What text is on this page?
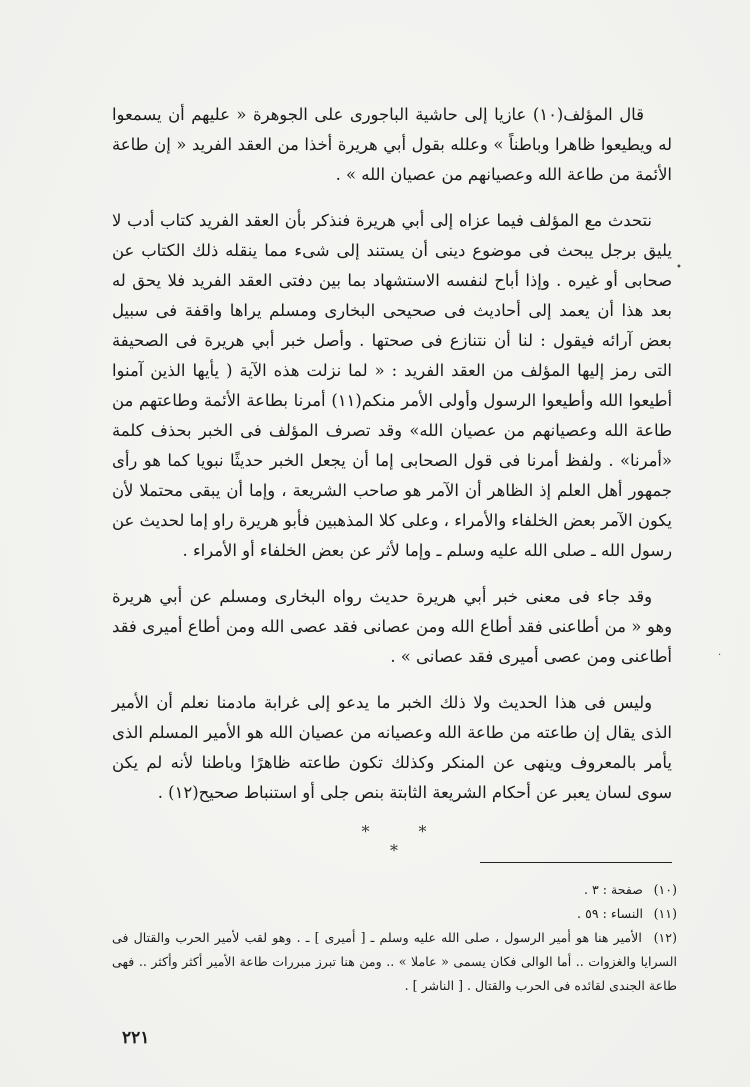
قال المؤلف(١٠) عازيا إلى حاشية الباجورى على الجوهرة « عليهم أن يسمعوا له ويطيعوا ظاهرا وباطناً » وعلله بقول أبي هريرة أخذا من العقد الفريد « إن طاعة الأئمة من طاعة الله وعصيانهم من عصيان الله » .

نتحدث مع المؤلف فيما عزاه إلى أبي هريرة فنذكر بأن العقد الفريد كتاب أدب لا يليق برجل يبحث فى موضوع دينى أن يستند إلى شىء مما ينقله ذلك الكتاب عن صحابى أو غيره . وإذا أباح لنفسه الاستشهاد بما بين دفتى العقد الفريد فلا يحق له بعد هذا أن يعمد إلى أحاديث فى صحيحى البخارى ومسلم يراها واقفة فى سبيل بعض آرائه فيقول : لنا أن نتنازع فى صحتها . وأصل خبر أبي هريرة فى الصحيفة التى رمز إليها المؤلف من العقد الفريد : « لما نزلت هذه الآية ( يأيها الذين آمنوا أطيعوا الله وأطيعوا الرسول وأولى الأمر منكم(١١) أمرنا بطاعة الأئمة وطاعتهم من طاعة الله وعصيانهم من عصيان الله» وقد تصرف المؤلف فى الخبر بحذف كلمة «أمرنا» . ولفظ أمرنا فى قول الصحابى إما أن يجعل الخبر حديثًا نبويا كما هو رأى جمهور أهل العلم إذ الظاهر أن الآمر هو صاحب الشريعة ، وإما أن يبقى محتملا لأن يكون الآمر بعض الخلفاء والأمراء ، وعلى كلا المذهبين فأبو هريرة راو إما لحديث عن رسول الله ـ صلى الله عليه وسلم ـ وإما لأثر عن بعض الخلفاء أو الأمراء .

وقد جاء فى معنى خبر أبي هريرة حديث رواه البخارى ومسلم عن أبي هريرة وهو « من أطاعنى فقد أطاع الله ومن عصانى فقد عصى الله ومن أطاع أميرى فقد أطاعنى ومن عصى أميرى فقد عصانى » .

وليس فى هذا الحديث ولا ذلك الخبر ما يدعو إلى غرابة مادمنا نعلم أن الأمير الذى يقال إن طاعته من طاعة الله وعصيانه من عصيان الله هو الأمير المسلم الذى يأمر بالمعروف وينهى عن المنكر وكذلك تكون طاعته ظاهرًا وباطنا لأنه لم يكن سوى لسان يعبر عن أحكام الشريعة الثابتة بنص جلى أو استنباط صحيح(١٢) .

* * *

(١٠) صفحة : ٣ .

(١١) النساء : ٥٩ .

(١٢) الأمير هنا هو أمير الرسول ، صلى الله عليه وسلم ـ [ أميرى ] ـ . وهو لقب لأمير الحرب والقتال فى السرايا والغزوات .. أما الوالى فكان يسمى « عاملا » .. ومن هنا تبرز مبررات طاعة الأمير أكثر وأكثر .. فهى طاعة الجندى لقائده فى الحرب والقتال . [ الناشر ] .

٢٢١
•
·
